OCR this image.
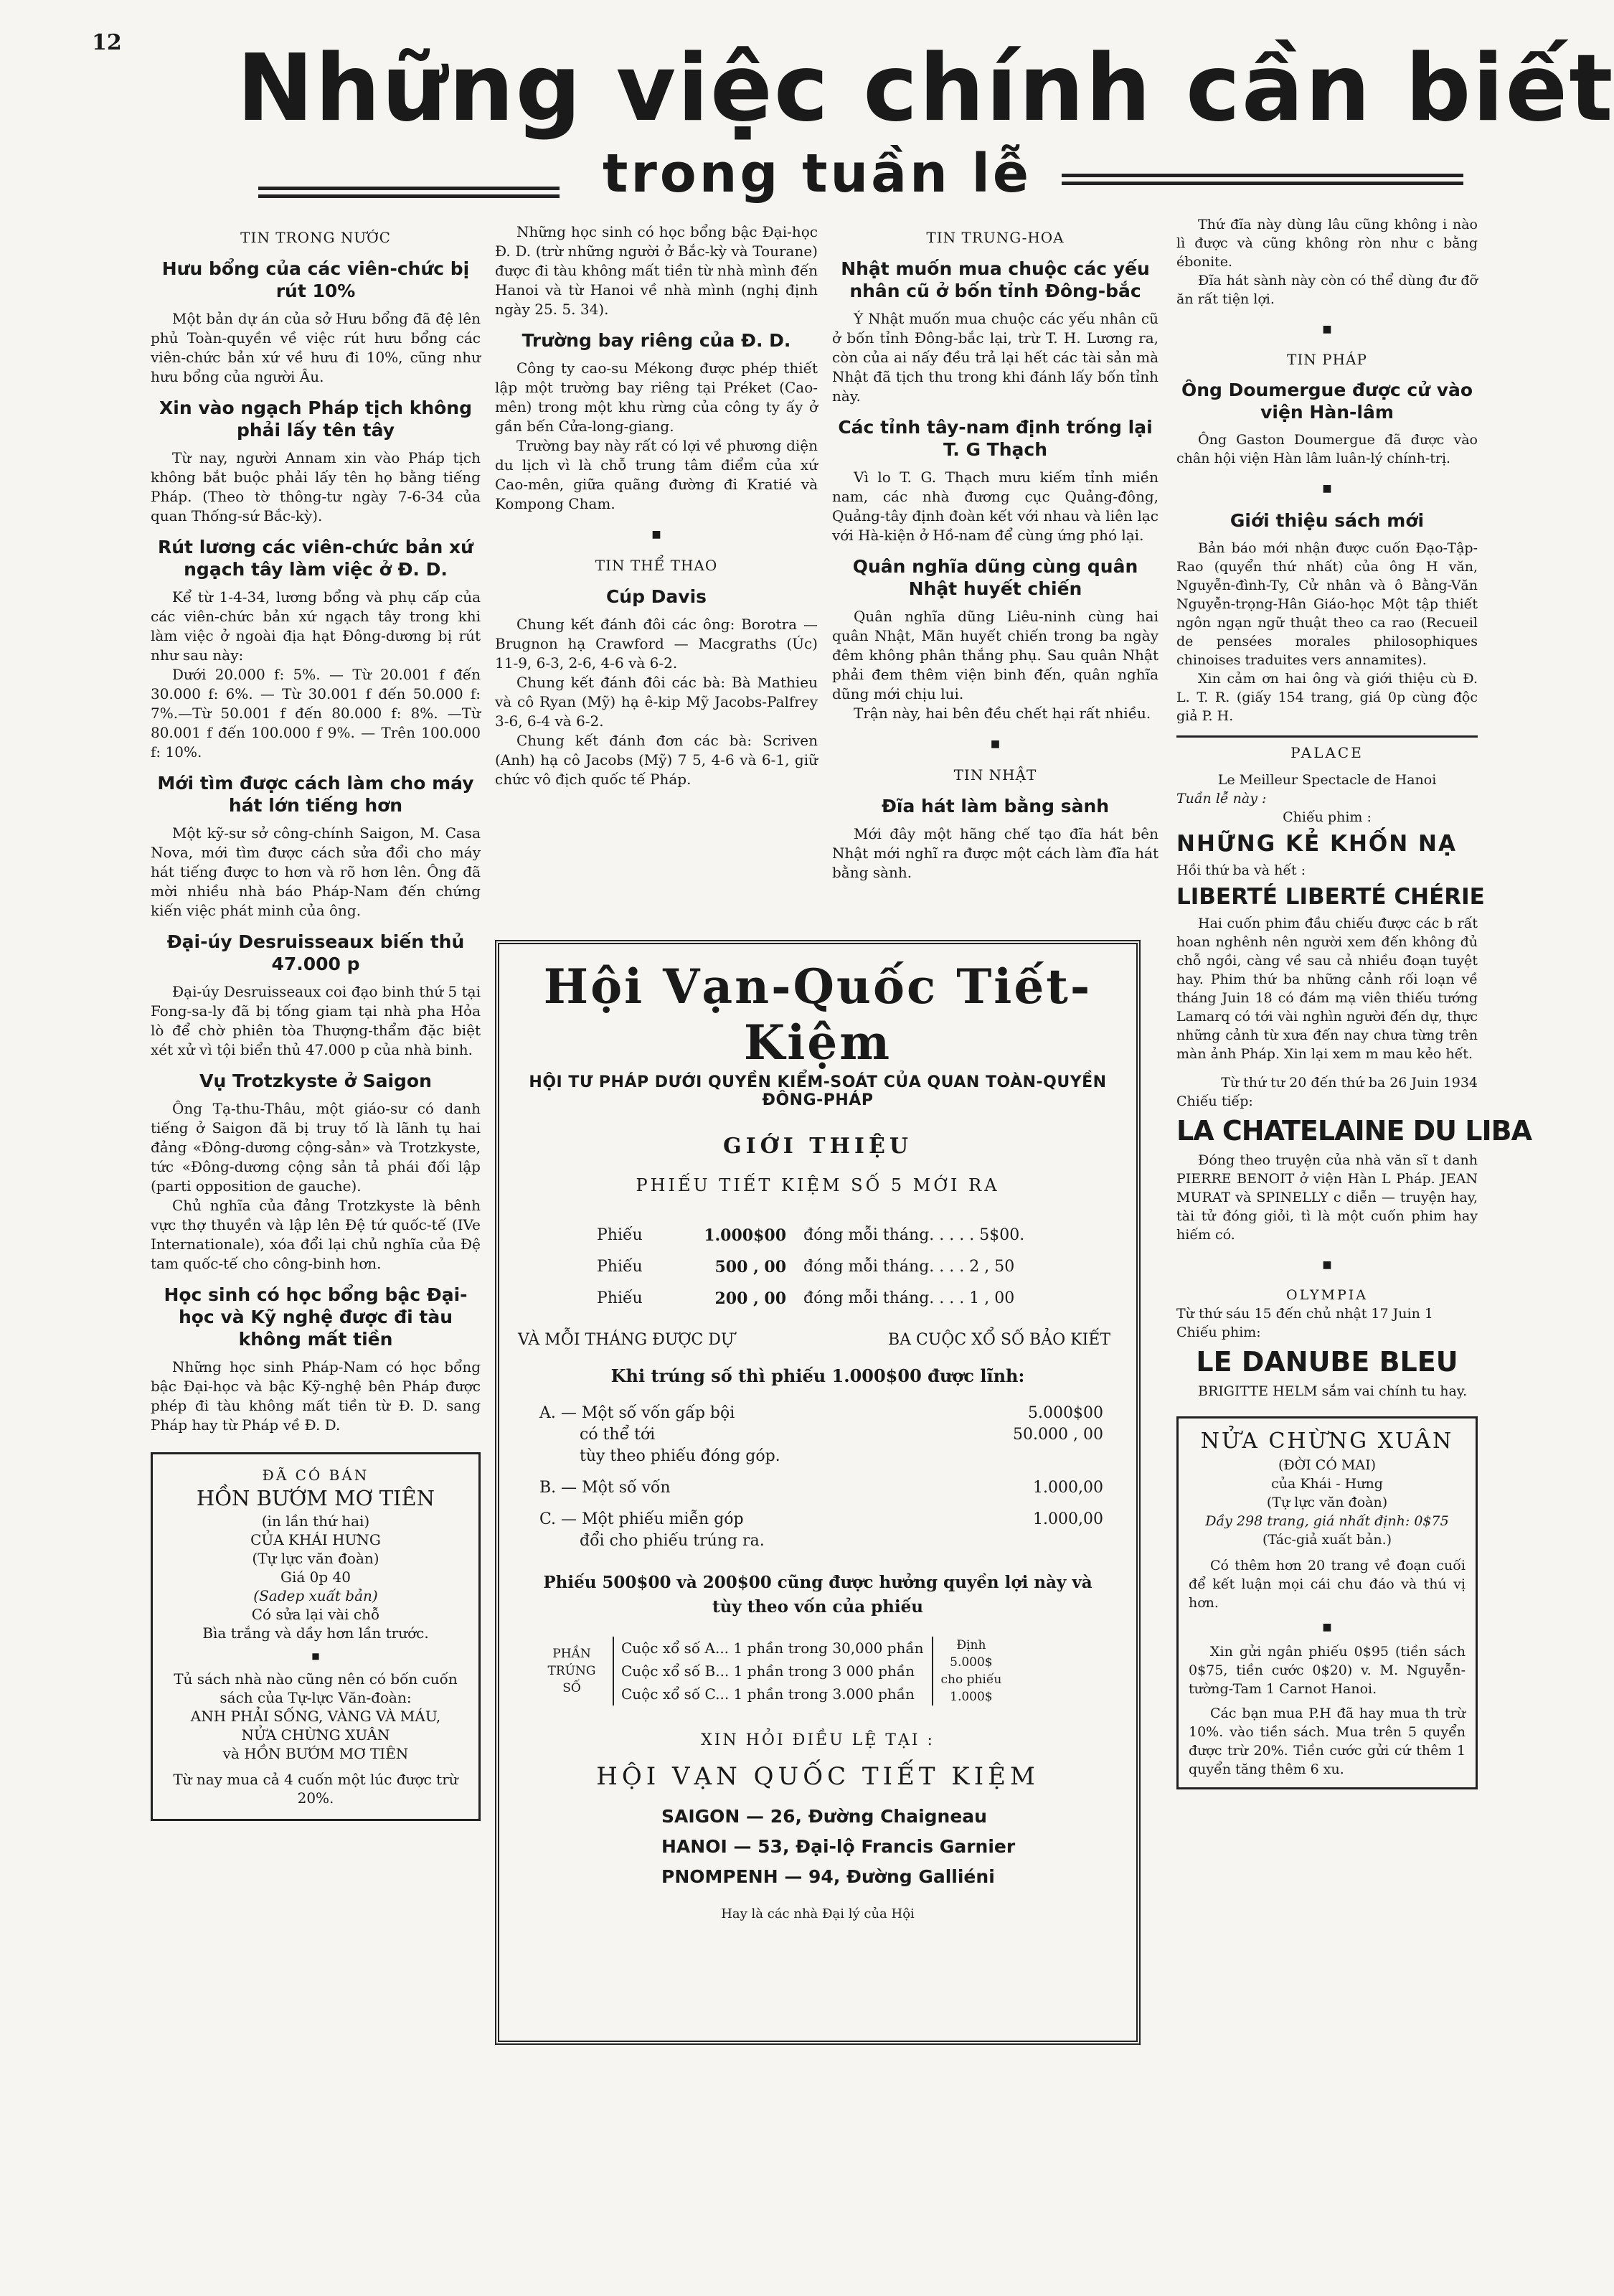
12 Những việc chính cần biết
trong tuần lễ
TIN TRONG NƯỚC
Hưu bổng của các viên-chức bị rút 10%

Một bản dự án của sở Hưu bổng đã đệ lên phủ Toàn-quyền về việc rút hưu bổng các viên-chức bản xứ về hưu đi 10%, cũng như hưu bổng của người Âu.

Xin vào ngạch Pháp tịch không phải lấy tên tây

Từ nay, người Annam xin vào Pháp tịch không bắt buộc phải lấy tên họ bằng tiếng Pháp. (Theo tờ thông-tư ngày 7-6-34 của quan Thống-sứ Bắc-kỳ).

Rút lương các viên-chức bản xứ ngạch tây làm việc ở Đ. D.

Kể từ 1-4-34, lương bổng và phụ cấp của các viên-chức bản xứ ngạch tây trong khi làm việc ở ngoài địa hạt Đông-dương bị rút như sau này:

Dưới 20.000 f: 5%. — Từ 20.001 f đến 30.000 f: 6%. — Từ 30.001 f đến 50.000 f: 7%.—Từ 50.001 f đến 80.000 f: 8%. —Từ 80.001 f đến 100.000 f 9%. — Trên 100.000 f: 10%.

Mới tìm được cách làm cho máy hát lớn tiếng hơn

Một kỹ-sư sở công-chính Saigon, M. Casa Nova, mới tìm được cách sửa đổi cho máy hát tiếng được to hơn và rõ hơn lên. Ông đã mời nhiều nhà báo Pháp-Nam đến chứng kiến việc phát minh của ông.

Đại-úy Desruisseaux biến thủ 47.000 p

Đại-úy Desruisseaux coi đạo binh thứ 5 tại Fong-sa-ly đã bị tống giam tại nhà pha Hỏa lò để chờ phiên tòa Thượng-thẩm đặc biệt xét xử vì tội biển thủ 47.000 p của nhà binh.

Vụ Trotzkyste ở Saigon

Ông Tạ-thu-Thâu, một giáo-sư có danh tiếng ở Saigon đã bị truy tố là lãnh tụ hai đảng «Đông-dương cộng-sản» và Trotzkyste, tức «Đông-dương cộng sản tả phái đối lập (parti opposition de gauche).

Chủ nghĩa của đảng Trotzkyste là bênh vực thợ thuyền và lập lên Đệ tứ quốc-tế (IVe Internationale), xóa đổi lại chủ nghĩa của Đệ tam quốc-tế cho công-binh hơn.

Học sinh có học bổng bậc Đại-học và Kỹ nghệ được đi tàu không mất tiền

Những học sinh Pháp-Nam có học bổng bậc Đại-học và bậc Kỹ-nghệ bên Pháp được phép đi tàu không mất tiền từ Đ. D. sang Pháp hay từ Pháp về Đ. D.

ĐÃ CÓ BÁN
HỒN BƯỚM MƠ TIÊN
(in lần thứ hai)
CỦA KHÁI HƯNG
(Tự lực văn đoàn)
Giá 0p 40
(Sadep xuất bản)
Có sửa lại vài chỗ
Bìa trắng và dầy hơn lần trước.
■
Tủ sách nhà nào cũng nên có bốn cuốn sách của Tự-lực Văn-đoàn:
ANH PHẢI SỐNG, VÀNG VÀ MÁU,
NỬA CHỪNG XUÂN
và HỒN BƯỚM MƠ TIÊN
Từ nay mua cả 4 cuốn một lúc được trừ 20%.

Những học sinh có học bổng bậc Đại-học Đ. D. (trừ những người ở Bắc-kỳ và Tourane) được đi tàu không mất tiền từ nhà mình đến Hanoi và từ Hanoi về nhà mình (nghị định ngày 25. 5. 34).

Trường bay riêng của Đ. D.

Công ty cao-su Mékong được phép thiết lập một trường bay riêng tại Préket (Cao-mên) trong một khu rừng của công ty ấy ở gần bến Cửa-long-giang.

Trường bay này rất có lợi về phương diện du lịch vì là chỗ trung tâm điểm của xứ Cao-mên, giữa quãng đường đi Kratié và Kompong Cham.

■
TIN THỂ THAO
Cúp Davis

Chung kết đánh đôi các ông: Borotra — Brugnon hạ Crawford — Macgraths (Úc) 11-9, 6-3, 2-6, 4-6 và 6-2.

Chung kết đánh đôi các bà: Bà Mathieu và cô Ryan (Mỹ) hạ ê-kip Mỹ Jacobs-Palfrey 3-6, 6-4 và 6-2.

Chung kết đánh đơn các bà: Scriven (Anh) hạ cô Jacobs (Mỹ) 7 5, 4-6 và 6-1, giữ chức vô địch quốc tế Pháp.

TIN TRUNG-HOA
Nhật muốn mua chuộc các yếu nhân cũ ở bốn tỉnh Đông-bắc

Ý Nhật muốn mua chuộc các yếu nhân cũ ở bốn tỉnh Đông-bắc lại, trừ T. H. Lương ra, còn của ai nấy đều trả lại hết các tài sản mà Nhật đã tịch thu trong khi đánh lấy bốn tỉnh này.

Các tỉnh tây-nam định trống lại T. G Thạch

Vì lo T. G. Thạch mưu kiếm tỉnh miền nam, các nhà đương cục Quảng-đông, Quảng-tây định đoàn kết với nhau và liên lạc với Hà-kiện ở Hồ-nam để cùng ứng phó lại.

Quân nghĩa dũng cùng quân Nhật huyết chiến

Quân nghĩa dũng Liêu-ninh cùng hai quân Nhật, Mãn huyết chiến trong ba ngày đêm không phân thắng phụ. Sau quân Nhật phải đem thêm viện binh đến, quân nghĩa dũng mới chịu lui.

Trận này, hai bên đều chết hại rất nhiều.

■
TIN NHẬT
Đĩa hát làm bằng sành

Mới đây một hãng chế tạo đĩa hát bên Nhật mới nghĩ ra được một cách làm đĩa hát bằng sành.

Hội Vạn-Quốc Tiết-Kiệm
HỘI TƯ PHÁP DƯỚI QUYỀN KIỂM-SOÁT CỦA QUAN TOÀN-QUYỀN ĐÔNG-PHÁP
GIỚI THIỆU
PHIẾU TIẾT KIỆM SỐ 5 MỚI RA
Phiếu	1.000$00 đóng mỗi tháng. . . . . 5$00.
Phiếu	500 , 00 đóng mỗi tháng. . . . 2 , 50
Phiếu	200 , 00 đóng mỗi tháng. . . . 1 , 00
VÀ MỖI THÁNG ĐƯỢC DỰ	BA CUỘC XỔ SỐ BẢO KIẾT
Khi trúng số thì phiếu 1.000$00 được lĩnh:
A. — Một số vốn gấp bội	5.000$00
có thể tới	50.000 , 00
tùy theo phiếu đóng góp.
B. — Một số vốn	1.000,00
C. — Một phiếu miễn góp	1.000,00
đổi cho phiếu trúng ra.
Phiếu 500$00 và 200$00 cũng được hưởng quyền lợi này và tùy theo vốn của phiếu
PHẦN
TRÚNG SỐ
Cuộc xổ số A... 1 phần trong 30,000 phần
Cuộc xổ số B... 1 phần trong 3 000 phần
Cuộc xổ số C... 1 phần trong 3.000 phần
Định
5.000$
cho phiếu
1.000$
XIN HỎI ĐIỀU LỆ TẠI :
HỘI VẠN QUỐC TIẾT KIỆM
SAIGON — 26, Đường Chaigneau
HANOI — 53, Đại-lộ Francis Garnier
PNOMPENH — 94, Đường Galliéni
Hay là các nhà Đại lý của Hội

Thứ đĩa này dùng lâu cũng không i nào lì được và cũng không ròn như c bằng ébonite.

Đĩa hát sành này còn có thể dùng đư đỡ ăn rất tiện lợi.

■
TIN PHÁP
Ông Doumergue được cử vào viện Hàn-lâm

Ông Gaston Doumergue đã được vào chân hội viện Hàn lâm luân-lý chính-trị.

■
Giới thiệu sách mới

Bản báo mới nhận được cuốn Đạo-Tập-Rao (quyển thứ nhất) của ông H văn, Nguyễn-đình-Ty, Cử nhân và ô Bằng-Văn Nguyễn-trọng-Hân Giáo-học Một tập thiết ngôn ngạn ngữ thuật theo ca rao (Recueil de pensées morales philosophiques chinoises traduites vers annamites).

Xin cảm ơn hai ông và giới thiệu cù Đ. L. T. R. (giấy 154 trang, giá 0p cùng độc giả P. H.

PALACE
Le Meilleur Spectacle de Hanoi
Tuần lễ này :
Chiếu phim :
NHỮNG KẺ KHỐN NẠ
Hồi thứ ba và hết :
LIBERTÉ LIBERTÉ CHÉRIE

Hai cuốn phim đầu chiếu được các b rất hoan nghênh nên người xem đến không đủ chỗ ngồi, càng về sau cả nhiều đoạn tuyệt hay. Phim thứ ba những cảnh rối loạn về tháng Juin 18 có đám mạ viên thiếu tướng Lamarq có tới vài nghìn người đến dự, thực những cảnh từ xưa đến nay chưa từng trên màn ảnh Pháp. Xin lại xem m mau kẻo hết.

Từ thứ tư 20 đến thứ ba 26 Juin 1934
Chiếu tiếp:
LA CHATELAINE DU LIBA

Đóng theo truyện của nhà văn sĩ t danh PIERRE BENOIT ở viện Hàn L Pháp. JEAN MURAT và SPINELLY c diễn — truyện hay, tài tử đóng giỏi, tì là một cuốn phim hay hiếm có.

■
OLYMPIA
Từ thứ sáu 15 đến chủ nhật 17 Juin 1
Chiếu phim:
LE DANUBE BLEU

BRIGITTE HELM sắm vai chính tu hay.

NỬA CHỪNG XUÂN
(ĐỜI CÓ MAI)
của Khái - Hưng
(Tự lực văn đoàn)
Dầy 298 trang, giá nhất định: 0$75
(Tác-giả xuất bản.)

Có thêm hơn 20 trang về đoạn cuối để kết luận mọi cái chu đáo và thú vị hơn.

■

Xin gửi ngân phiếu 0$95 (tiền sách 0$75, tiền cước 0$20) v. M. Nguyễn-tường-Tam 1 Carnot Hanoi.

Các bạn mua P.H đã hay mua th trừ 10%. vào tiền sách. Mua trên 5 quyển được trừ 20%. Tiền cước gửi cứ thêm 1 quyển tăng thêm 6 xu.
